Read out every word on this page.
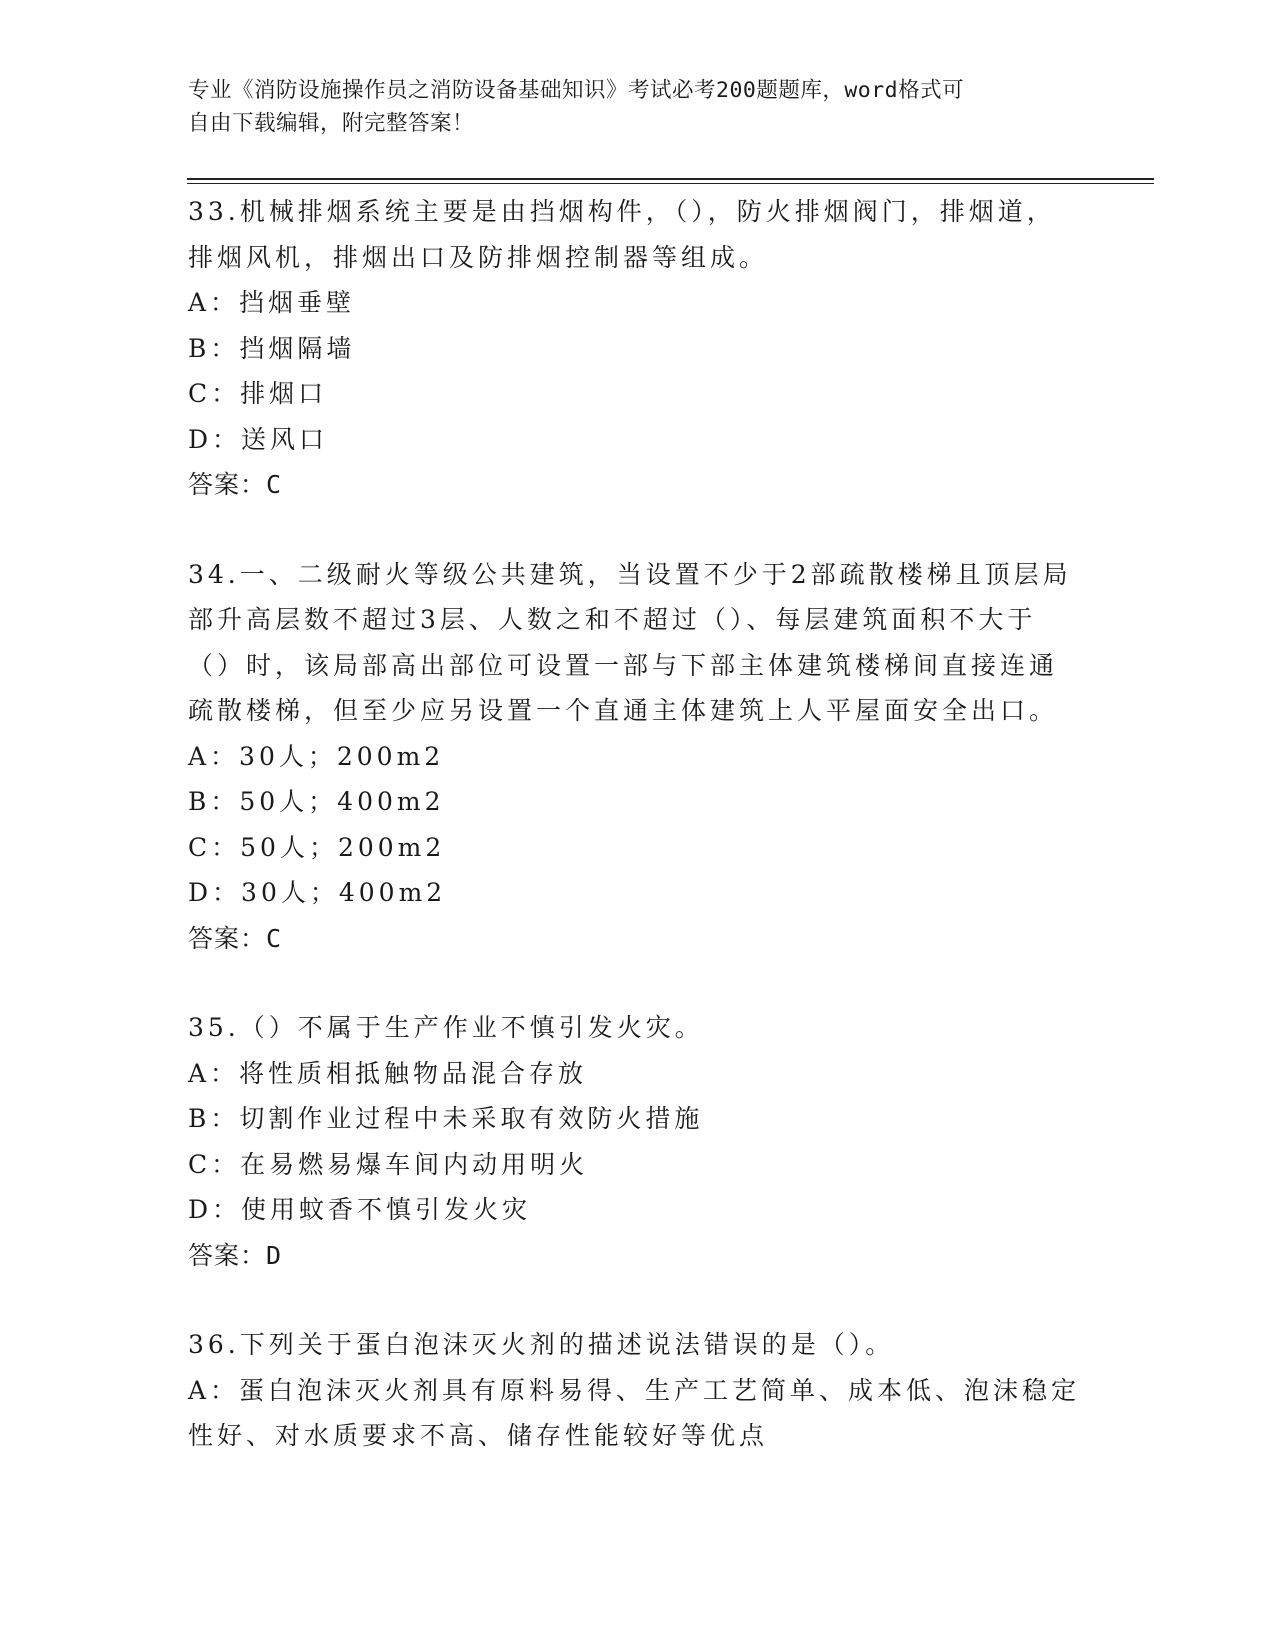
专业《消防设施操作员之消防设备基础知识》考试必考200题题库，word格式可
自由下载编辑，附完整答案！
33.机械排烟系统主要是由挡烟构件，（），防火排烟阀门，排烟道，
排烟风机，排烟出口及防排烟控制器等组成。
A：挡烟垂壁
B：挡烟隔墙
C：排烟口
D：送风口
答案：C
34.一、二级耐火等级公共建筑，当设置不少于2部疏散楼梯且顶层局
部升高层数不超过3层、人数之和不超过（）、每层建筑面积不大于
（）时，该局部高出部位可设置一部与下部主体建筑楼梯间直接连通
疏散楼梯，但至少应另设置一个直通主体建筑上人平屋面安全出口。
A：30人；200m2
B：50人；400m2
C：50人；200m2
D：30人；400m2
答案：C
35.（）不属于生产作业不慎引发火灾。
A：将性质相抵触物品混合存放
B：切割作业过程中未采取有效防火措施
C：在易燃易爆车间内动用明火
D：使用蚊香不慎引发火灾
答案：D
36.下列关于蛋白泡沫灭火剂的描述说法错误的是（）。
A：蛋白泡沫灭火剂具有原料易得、生产工艺简单、成本低、泡沫稳定
性好、对水质要求不高、储存性能较好等优点
